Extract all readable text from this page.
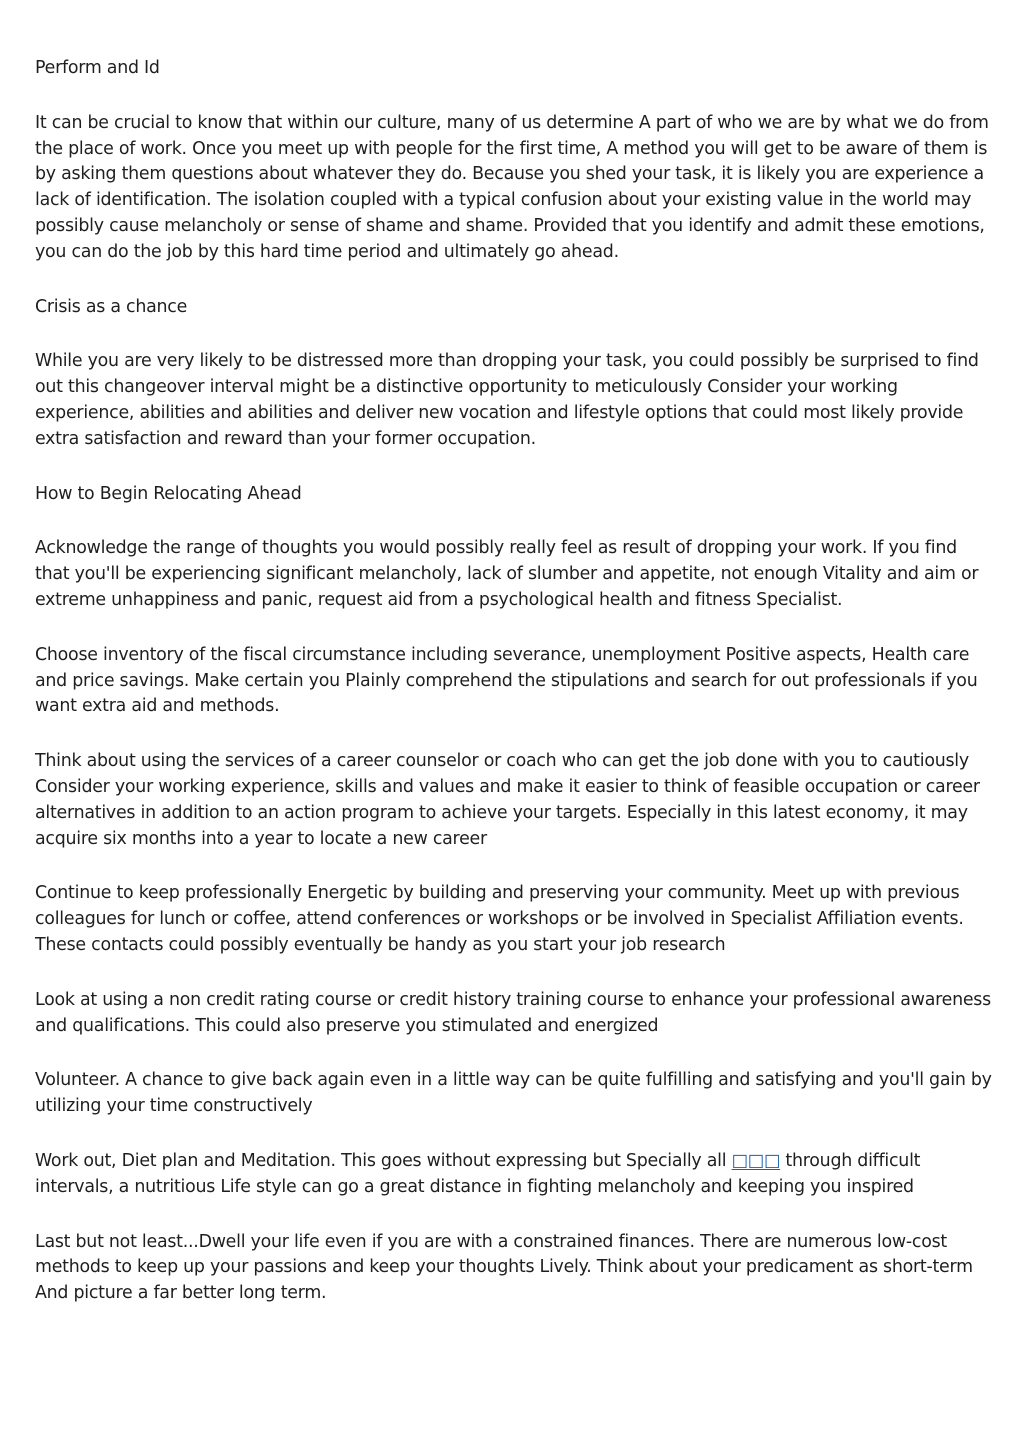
Perform and Id

It can be crucial to know that within our culture, many of us determine A part of who we are by what we do from the place of work. Once you meet up with people for the first time, A method you will get to be aware of them is by asking them questions about whatever they do. Because you shed your task, it is likely you are experience a lack of identification. The isolation coupled with a typical confusion about your existing value in the world may possibly cause melancholy or sense of shame and shame. Provided that you identify and admit these emotions, you can do the job by this hard time period and ultimately go ahead.

Crisis as a chance

While you are very likely to be distressed more than dropping your task, you could possibly be surprised to find out this changeover interval might be a distinctive opportunity to meticulously Consider your working experience, abilities and abilities and deliver new vocation and lifestyle options that could most likely provide extra satisfaction and reward than your former occupation.

How to Begin Relocating Ahead

Acknowledge the range of thoughts you would possibly really feel as result of dropping your work. If you find that you'll be experiencing significant melancholy, lack of slumber and appetite, not enough Vitality and aim or extreme unhappiness and panic, request aid from a psychological health and fitness Specialist.

Choose inventory of the fiscal circumstance including severance, unemployment Positive aspects, Health care and price savings. Make certain you Plainly comprehend the stipulations and search for out professionals if you want extra aid and methods.

Think about using the services of a career counselor or coach who can get the job done with you to cautiously Consider your working experience, skills and values and make it easier to think of feasible occupation or career alternatives in addition to an action program to achieve your targets. Especially in this latest economy, it may acquire six months into a year to locate a new career

Continue to keep professionally Energetic by building and preserving your community. Meet up with previous colleagues for lunch or coffee, attend conferences or workshops or be involved in Specialist Affiliation events. These contacts could possibly eventually be handy as you start your job research

Look at using a non credit rating course or credit history training course to enhance your professional awareness and qualifications. This could also preserve you stimulated and energized

Volunteer. A chance to give back again even in a little way can be quite fulfilling and satisfying and you'll gain by utilizing your time constructively

Work out, Diet plan and Meditation. This goes without expressing but Specially all □□□ through difficult intervals, a nutritious Life style can go a great distance in fighting melancholy and keeping you inspired

Last but not least...Dwell your life even if you are with a constrained finances. There are numerous low-cost methods to keep up your passions and keep your thoughts Lively. Think about your predicament as short-term And picture a far better long term.
